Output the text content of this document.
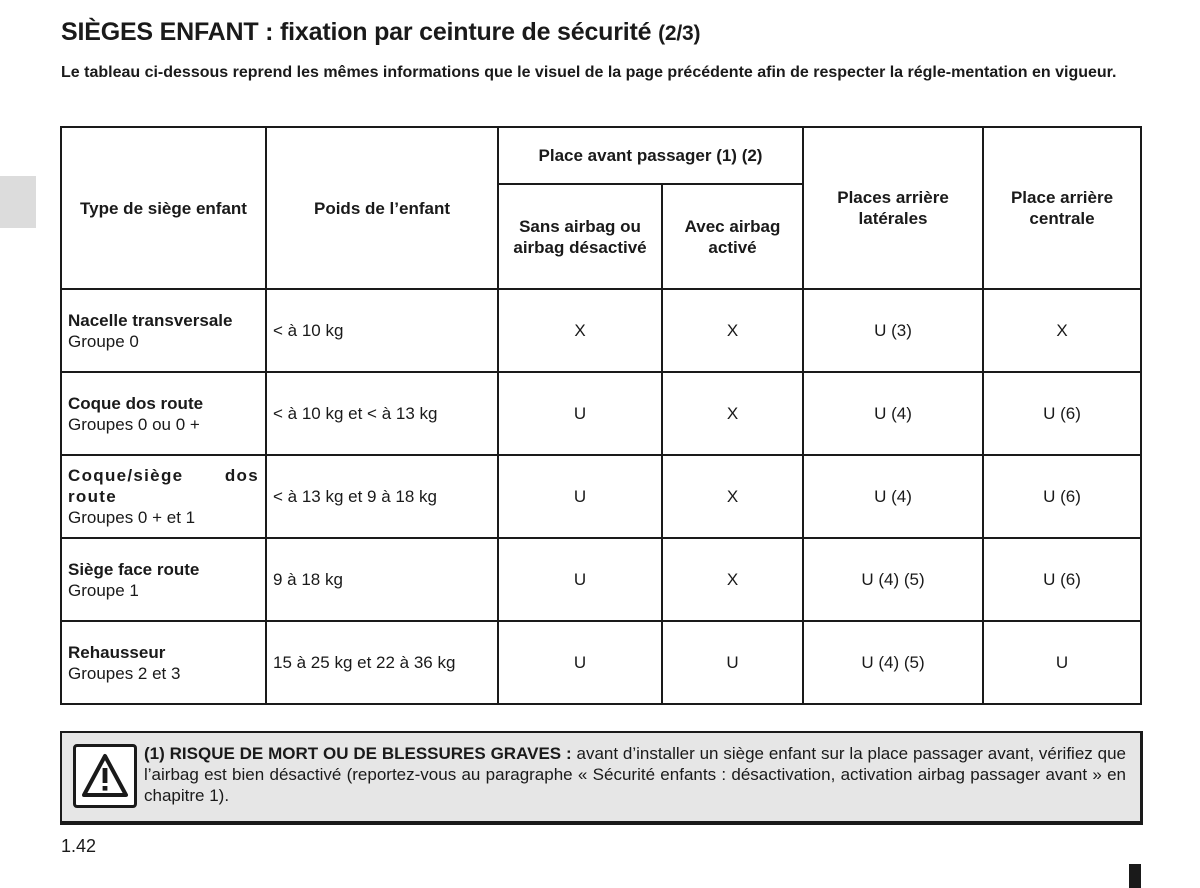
SIÈGES ENFANT : fixation par ceinture de sécurité (2/3)

Le tableau ci-dessous reprend les mêmes informations que le visuel de la page précédente afin de respecter la régle-mentation en vigueur.

Type de siège enfant	Poids de l’enfant	Place avant passager (1) (2)		Places arrière latérales	Place arrière centrale
		Sans airbag ou airbag désactivé	Avec airbag activé		

Nacelle transversale
Groupe 0	< à 10 kg	X	X	U (3)	X

Coque dos route
Groupes 0 ou 0 +	< à 10 kg et < à 13 kg	U	X	U (4)	U (6)

Coque/siège dos route
Groupes 0 + et 1	< à 13 kg et 9 à 18 kg	U	X	U (4)	U (6)

Siège face route
Groupe 1	9 à 18 kg	U	X	U (4) (5)	U (6)

Rehausseur
Groupes 2 et 3	15 à 25 kg et 22 à 36 kg	U	U	U (4) (5)	U

(1) RISQUE DE MORT OU DE BLESSURES GRAVES : avant d’installer un siège enfant sur la place passager avant, vérifiez que l’airbag est bien désactivé (reportez-vous au paragraphe « Sécurité enfants : désactivation, activation airbag passager avant » en chapitre 1).

1.42
